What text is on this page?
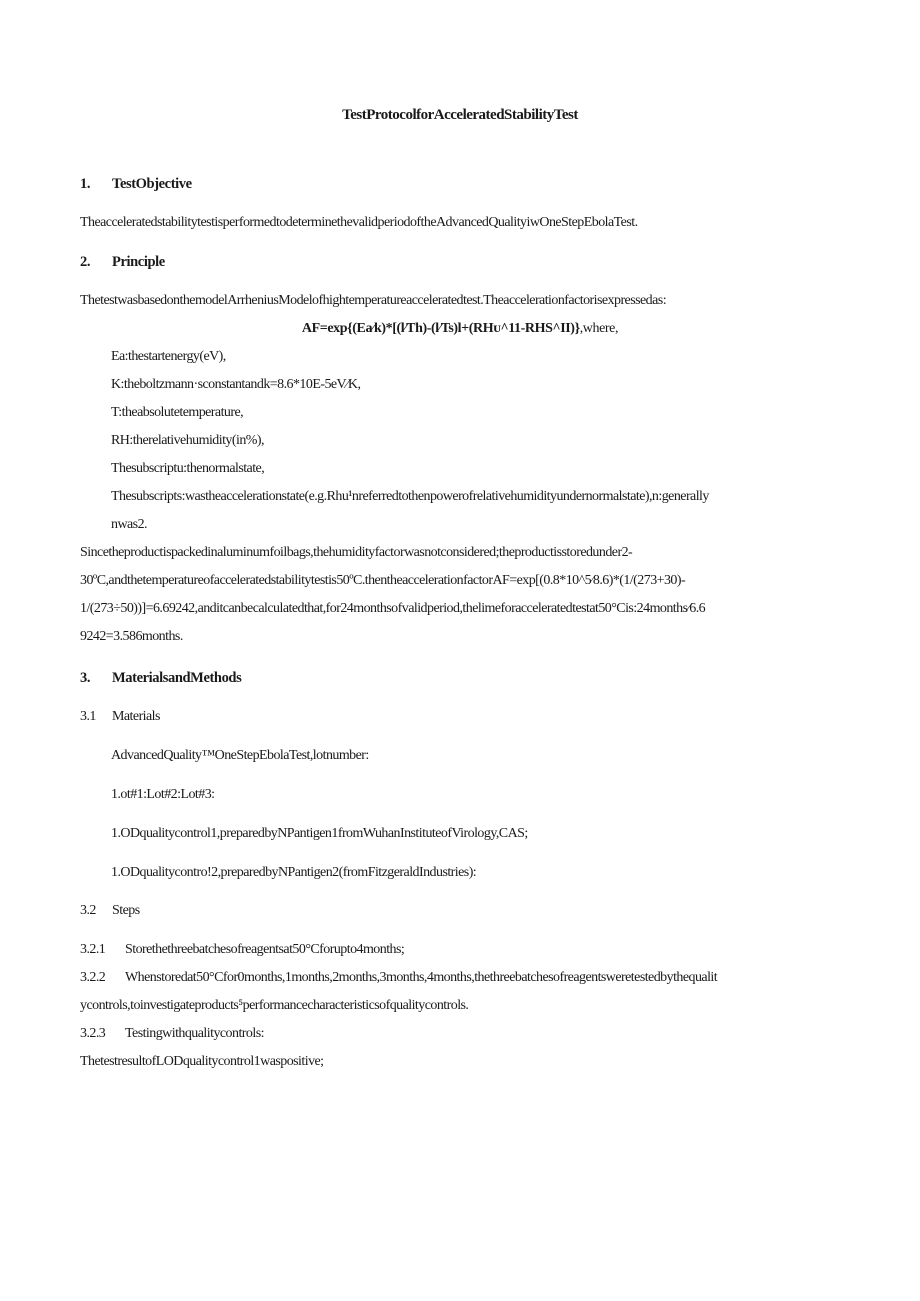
TestProtocolforAcceleratedStabilityTest
1. TestObjective
TheacceleratedstabilitytestisperformedtodeterminethevalidperiodoftheAdvancedQualityiwOneStepEbolaTest.
2. Principle
ThetestwasbasedonthemodelArrheniusModelofhightemperatureacceleratedtest.Theaccelerationfactorisexpressedas:
AF=exp{(Ea⁄k)*[(l⁄Th)-(l⁄Ts)l+(RHᴜ^11-RHS^II)},where,
Ea:thestartenergy(eV),
K:theboltzmann·sconstantandk=8.6*10E-5eV⁄K,
T:theabsolutetemperature,
RH:therelativehumidity(in%),
Thesubscriptu:thenormalstate,
Thesubscripts:wastheaccelerationstate(e.g.Rhu¹nreferredtothenpowerofrelativehumidityundernormalstate),n:generally
nwas2.
Sincetheproductispackedinaluminumfoilbags,thehumidityfactorwasnotconsidered;theproductisstoredunder2-
30ºC,andthetemperatureofacceleratedstabilitytestis50ºC.thentheaccelerationfactorAF=exp[(0.8*10^5⁄8.6)*(1/(273+30)-
1/(273÷50))]=6.69242,anditcanbecalculatedthat,for24monthsofvalidperiod,thelimeforacceleratedtestat50°Cis:24months⁄6.6
9242=3.586months.
3. MaterialsandMethods
3.1 Materials
AdvancedQuality™OneStepEbolaTest,lotnumber:
1.ot#1:Lot#2:Lot#3:
1.ODqualitycontrol1,preparedbyNPantigen1fromWuhanInstituteofVirology,CAS;
1.ODqualitycontro!2,preparedbyNPantigen2(fromFitzgeraldIndustries):
3.2 Steps
3.2.1 Storethethreebatchesofreagentsat50°Cforupto4months;
3.2.2 Whenstoredat50°Cfor0months,1months,2months,3months,4months,thethreebatchesofreagentsweretestedbythequalit
ycontrols,toinvestigateproducts⁵performancecharacteristicsofqualitycontrols.
3.2.3 Testingwithqualitycontrols:
ThetestresultofLODqualitycontrol1waspositive;
